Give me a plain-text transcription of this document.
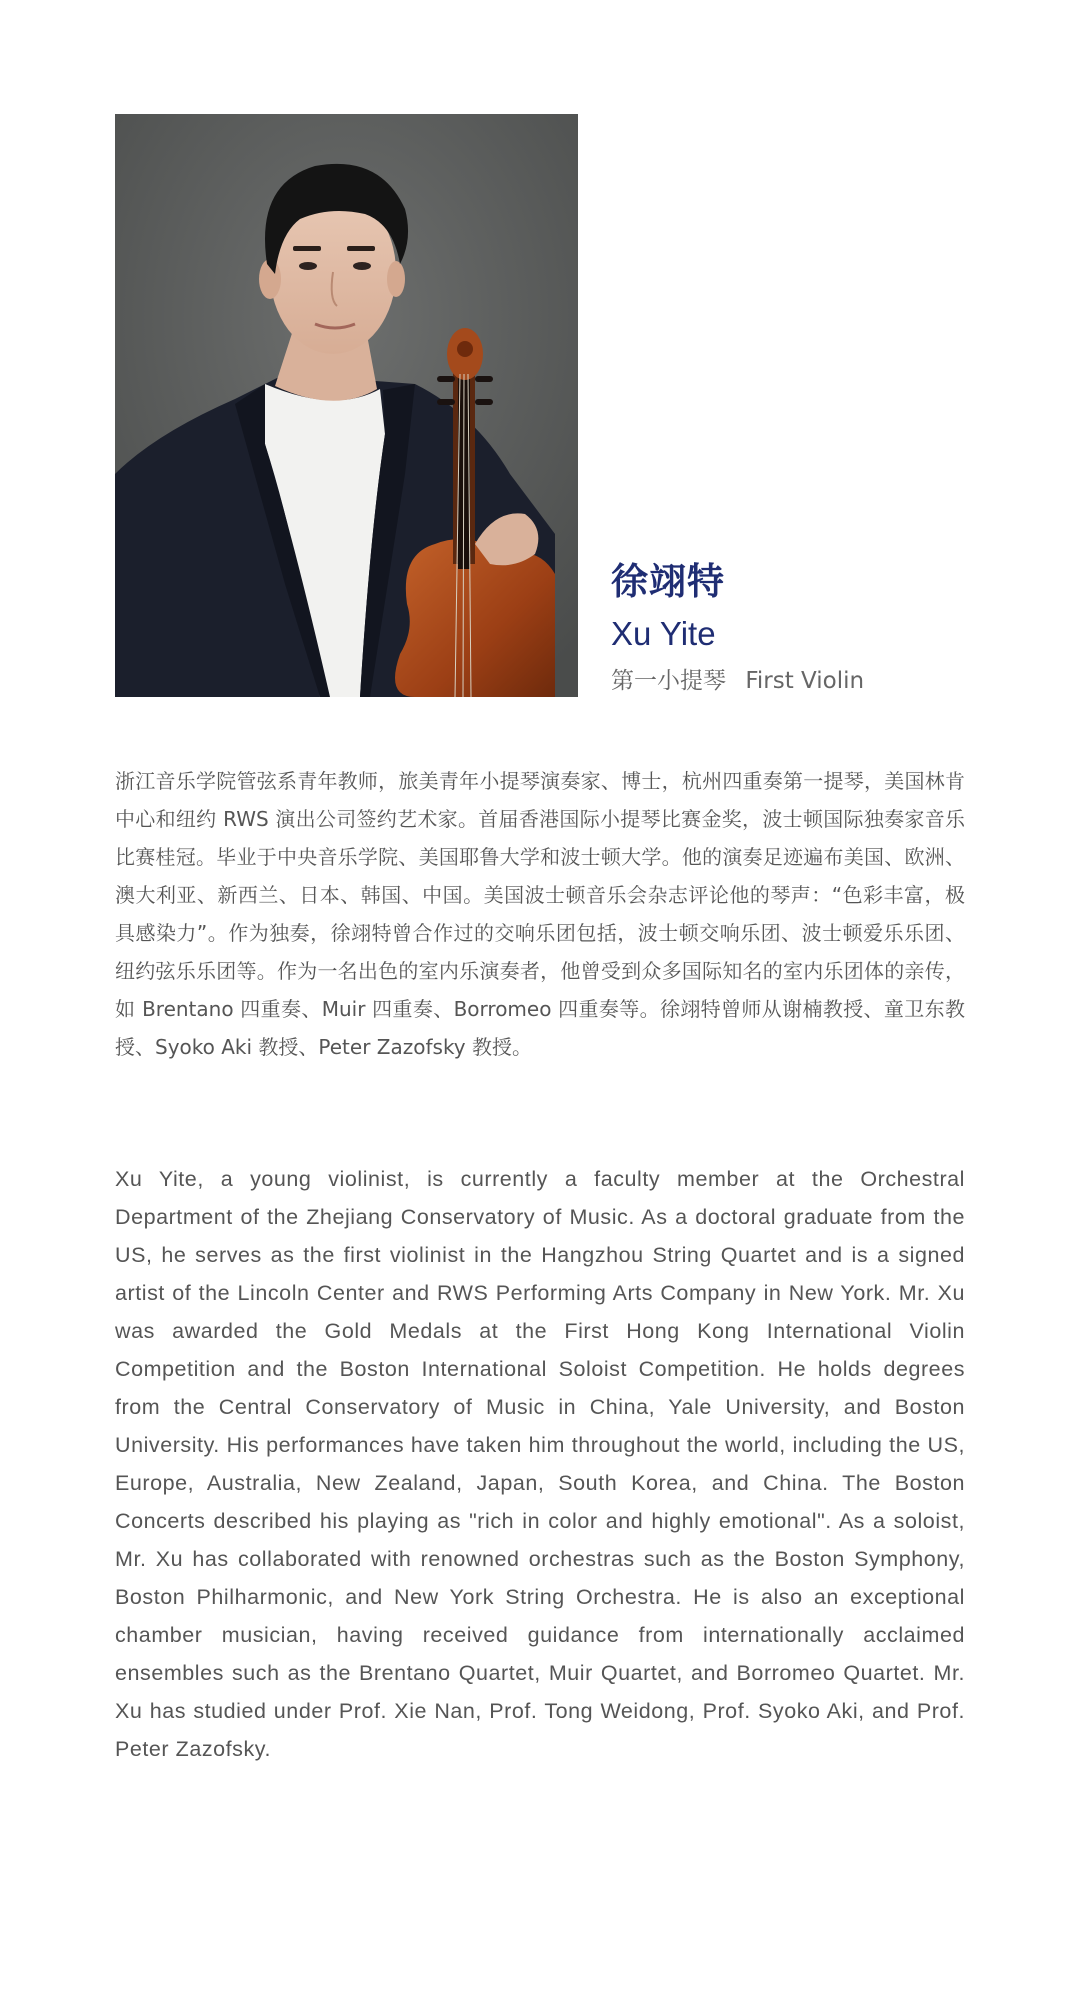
徐翊特
Xu Yite
第一小提琴 First Violin

浙江音乐学院管弦系青年教师，旅美青年小提琴演奏家、博士，杭州四重奏第一提琴，美国林肯中心和纽约 RWS 演出公司签约艺术家。首届香港国际小提琴比赛金奖，波士顿国际独奏家音乐比赛桂冠。毕业于中央音乐学院、美国耶鲁大学和波士顿大学。他的演奏足迹遍布美国、欧洲、澳大利亚、新西兰、日本、韩国、中国。美国波士顿音乐会杂志评论他的琴声：“色彩丰富，极具感染力”。作为独奏，徐翊特曾合作过的交响乐团包括，波士顿交响乐团、波士顿爱乐乐团、纽约弦乐乐团等。作为一名出色的室内乐演奏者，他曾受到众多国际知名的室内乐团体的亲传，如 Brentano 四重奏、Muir 四重奏、Borromeo 四重奏等。徐翊特曾师从谢楠教授、童卫东教授、Syoko Aki 教授、Peter Zazofsky 教授。

Xu Yite, a young violinist, is currently a faculty member at the Orchestral Department of the Zhejiang Conservatory of Music. As a doctoral graduate from the US, he serves as the first violinist in the Hangzhou String Quartet and is a signed artist of the Lincoln Center and RWS Performing Arts Company in New York. Mr. Xu was awarded the Gold Medals at the First Hong Kong International Violin Competition and the Boston International Soloist Competition. He holds degrees from the Central Conservatory of Music in China, Yale University, and Boston University. His performances have taken him throughout the world, including the US, Europe, Australia, New Zealand, Japan, South Korea, and China. The Boston Concerts described his playing as "rich in color and highly emotional". As a soloist, Mr. Xu has collaborated with renowned orchestras such as the Boston Symphony, Boston Philharmonic, and New York String Orchestra. He is also an exceptional chamber musician, having received guidance from internationally acclaimed ensembles such as the Brentano Quartet, Muir Quartet, and Borromeo Quartet. Mr. Xu has studied under Prof. Xie Nan, Prof. Tong Weidong, Prof. Syoko Aki, and Prof. Peter Zazofsky.
